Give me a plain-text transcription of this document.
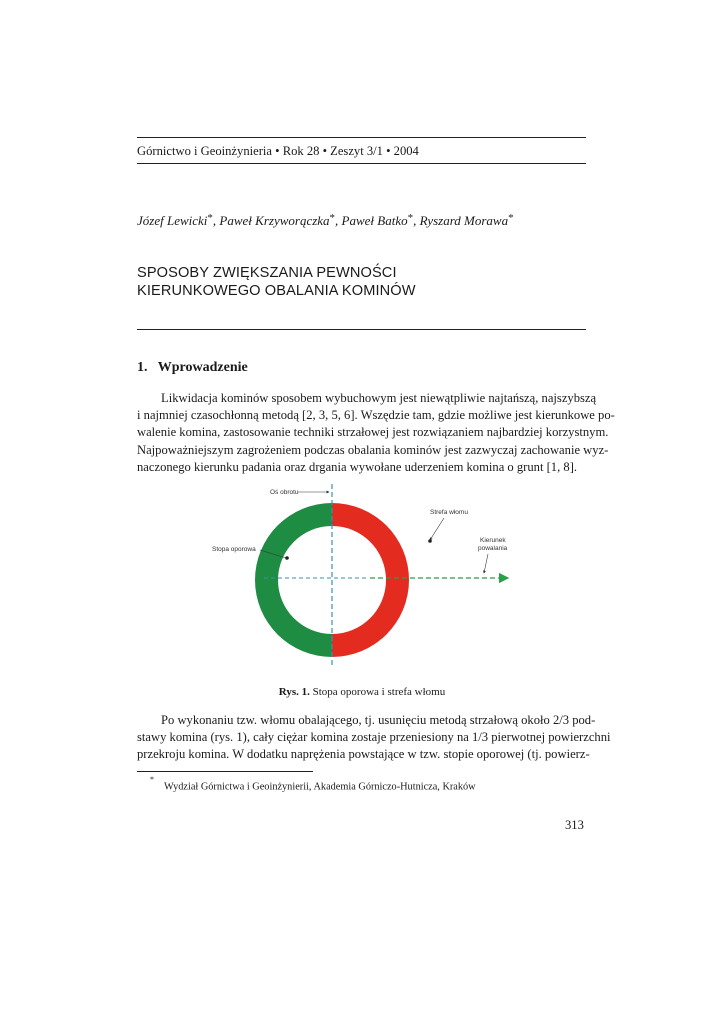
Górnictwo i Geoinżynieria • Rok 28 • Zeszyt 3/1 • 2004
Józef Lewicki*, Paweł Krzyworączka*, Paweł Batko*, Ryszard Morawa*
SPOSOBY ZWIĘKSZANIA PEWNOŚCI
KIERUNKOWEGO OBALANIA KOMINÓW
1.   Wprowadzenie
Likwidacja kominów sposobem wybuchowym jest niewątpliwie najtańszą, najszybszą
i najmniej czasochłonną metodą [2, 3, 5, 6]. Wszędzie tam, gdzie możliwe jest kierunkowe po-
walenie komina, zastosowanie techniki strzałowej jest rozwiązaniem najbardziej korzystnym.
Najpoważniejszym zagrożeniem podczas obalania kominów jest zazwyczaj zachowanie wyz-
naczonego kierunku padania oraz drgania wywołane uderzeniem komina o grunt [1, 8].
Oś obrotu
Strefa włomu
Stopa oporowa
Kierunek
powalania
Rys. 1. Stopa oporowa i strefa włomu
Po wykonaniu tzw. włomu obalającego, tj. usunięciu metodą strzałową około 2/3 pod-
stawy komina (rys. 1), cały ciężar komina zostaje przeniesiony na 1/3 pierwotnej powierzchni
przekroju komina. W dodatku naprężenia powstające w tzw. stopie oporowej (tj. powierz-
*Wydział Górnictwa i Geoinżynierii, Akademia Górniczo-Hutnicza, Kraków
313
